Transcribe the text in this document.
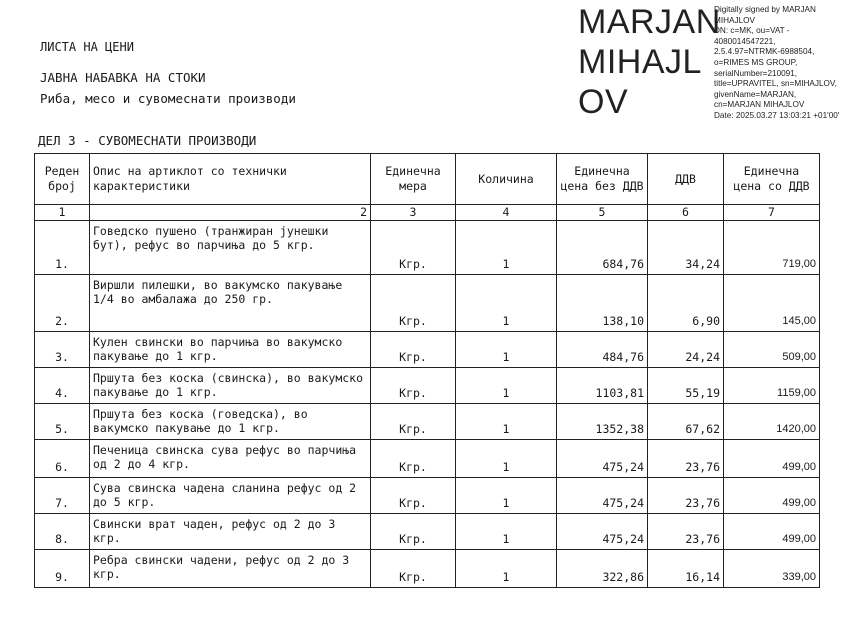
ЛИСТА НА ЦЕНИ
ЈАВНА НАБАВКА НА СТОКИ
Риба, месо и сувомеснати производи
ДЕЛ 3 - СУВОМЕСНАТИ ПРОИЗВОДИ
MARJAN
MIHAJL
OV
Digitally signed by MARJAN
MIHAJLOV
DN: c=MK, ou=VAT -
4080014547221,
2.5.4.97=NTRMK-6988504,
o=RIMES MS GROUP,
serialNumber=210091,
title=UPRAVITEL, sn=MIHAJLOV,
givenName=MARJAN,
cn=MARJAN MIHAJLOV
Date: 2025.03.27 13:03:21 +01'00'
Реден број	Опис на артиклот со технички карактеристики	Единечна мера	Количина	Единечна цена без ДДВ	ДДВ	Единечна цена со ДДВ
1	2	3	4	5	6	7
1.	Говедско пушено (транжиран јунешки бут), рефус во парчиња до 5 кгр.	Кгр.	1	684,76	34,24	719,00
2.	Виршли пилешки, во вакумско пакување 1/4 во амбалажа до 250 гр.	Кгр.	1	138,10	6,90	145,00
3.	Кулен свински во парчиња во вакумско пакување до 1 кгр.	Кгр.	1	484,76	24,24	509,00
4.	Пршута без коска (свинска), во вакумско пакување до 1 кгр.	Кгр.	1	1103,81	55,19	1159,00
5.	Пршута без коска (говедска), во вакумско пакување до 1 кгр.	Кгр.	1	1352,38	67,62	1420,00
6.	Печеница свинска сува рефус во парчиња од 2 до 4 кгр.	Кгр.	1	475,24	23,76	499,00
7.	Сува свинска чадена сланина рефус од 2 до 5 кгр.	Кгр.	1	475,24	23,76	499,00
8.	Свински врат чаден, рефус од 2 до 3 кгр.	Кгр.	1	475,24	23,76	499,00
9.	Ребра свински чадени, рефус од 2 до 3 кгр.	Кгр.	1	322,86	16,14	339,00
